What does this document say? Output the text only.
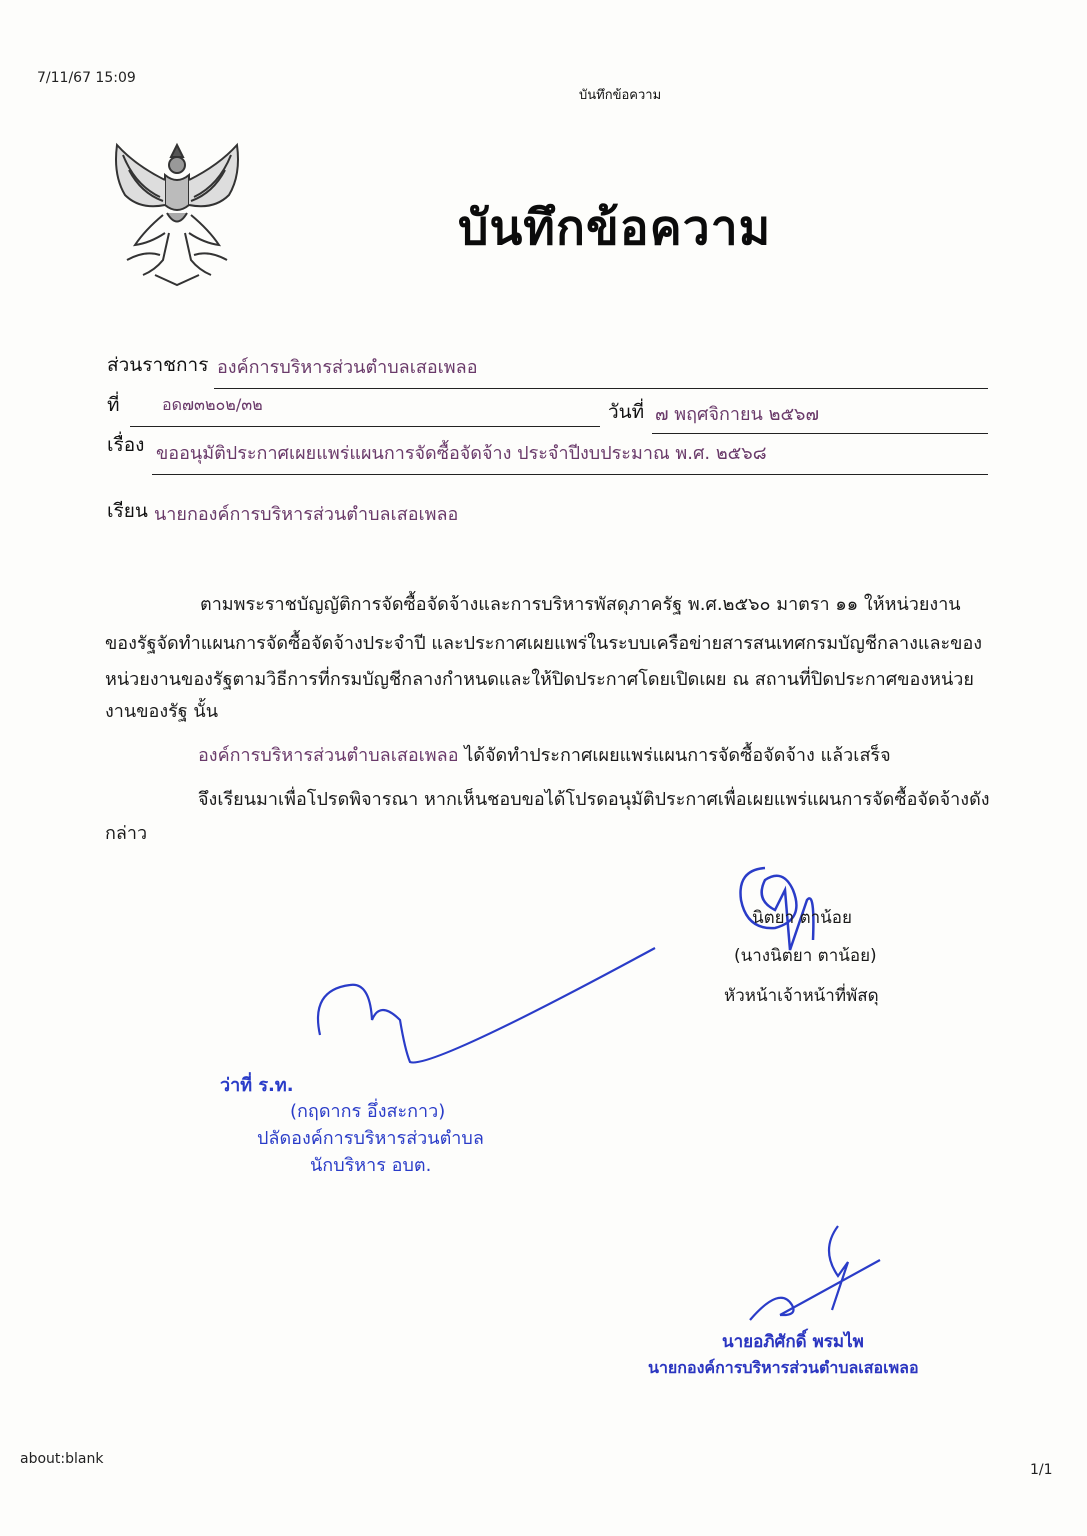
7/11/67 15:09
บันทึกข้อความ
about:blank
1/1
บันทึกข้อความ
ส่วนราชการ องค์การบริหารส่วนตำบลเสอเพลอ
ที่	อด๗๓๒๐๒/๓๒	วันที่ ๗ พฤศจิกายน ๒๕๖๗
เรื่อง ขออนุมัติประกาศเผยแพร่แผนการจัดซื้อจัดจ้าง ประจำปีงบประมาณ พ.ศ. ๒๕๖๘
เรียน นายกองค์การบริหารส่วนตำบลเสอเพลอ
ตามพระราชบัญญัติการจัดซื้อจัดจ้างและการบริหารพัสดุภาครัฐ พ.ศ.๒๕๖๐ มาตรา ๑๑ ให้หน่วยงาน
ของรัฐจัดทำแผนการจัดซื้อจัดจ้างประจำปี และประกาศเผยแพร่ในระบบเครือข่ายสารสนเทศกรมบัญชีกลางและของ
หน่วยงานของรัฐตามวิธีการที่กรมบัญชีกลางกำหนดและให้ปิดประกาศโดยเปิดเผย ณ สถานที่ปิดประกาศของหน่วย
งานของรัฐ นั้น
องค์การบริหารส่วนตำบลเสอเพลอ ได้จัดทำประกาศเผยแพร่แผนการจัดซื้อจัดจ้าง แล้วเสร็จ
จึงเรียนมาเพื่อโปรดพิจารณา หากเห็นชอบขอได้โปรดอนุมัติประกาศเพื่อเผยแพร่แผนการจัดซื้อจัดจ้างดัง
กล่าว
นิตยา ตาน้อย
(นางนิตยา ตาน้อย)
หัวหน้าเจ้าหน้าที่พัสดุ
ว่าที่ ร.ท.
(กฤดากร อึ่งสะกาว)
ปลัดองค์การบริหารส่วนตำบล
นักบริหาร อบต.
นายอภิศักดิ์ พรมไพ
นายกองค์การบริหารส่วนตำบลเสอเพลอ
